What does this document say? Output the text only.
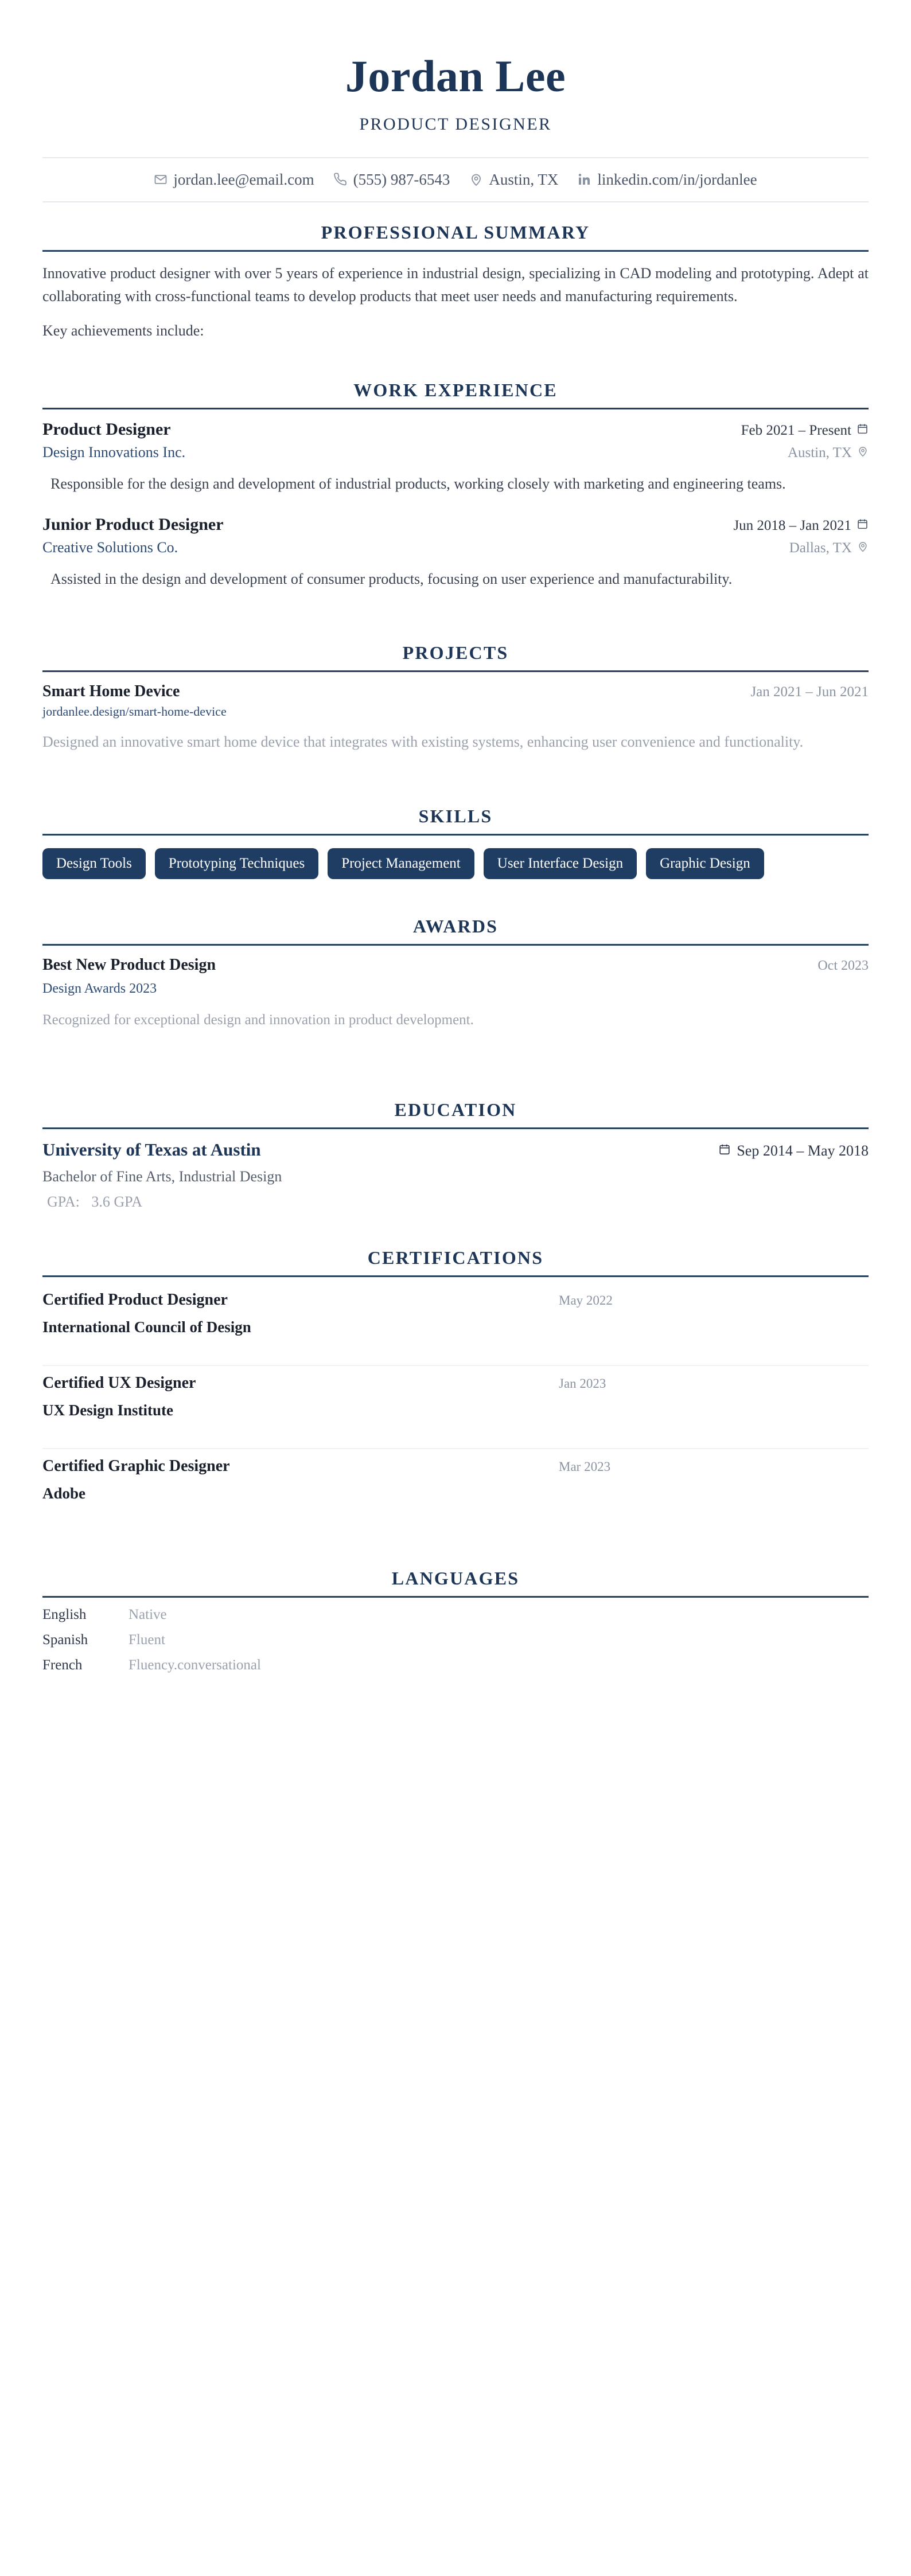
Jordan Lee
PRODUCT DESIGNER
jordan.lee@email.com	(555) 987-6543	Austin, TX	linkedin.com/in/jordanlee
PROFESSIONAL SUMMARY

Innovative product designer with over 5 years of experience in industrial design, specializing in CAD modeling and prototyping. Adept at collaborating with cross-functional teams to develop products that meet user needs and manufacturing requirements.

Key achievements include:

WORK EXPERIENCE
Product Designer	Feb 2021 – Present
Design Innovations Inc.	Austin, TX
Responsible for the design and development of industrial products, working closely with marketing and engineering teams.
Junior Product Designer	Jun 2018 – Jan 2021
Creative Solutions Co.	Dallas, TX
Assisted in the design and development of consumer products, focusing on user experience and manufacturability.
PROJECTS
Smart Home Device	Jan 2021 – Jun 2021
jordanlee.design/smart-home-device
Designed an innovative smart home device that integrates with existing systems, enhancing user convenience and functionality.
SKILLS
Design Tools	Prototyping Techniques	Project Management	User Interface Design	Graphic Design
AWARDS
Best New Product Design	Oct 2023
Design Awards 2023
Recognized for exceptional design and innovation in product development.
EDUCATION
University of Texas at Austin	Sep 2014 – May 2018
Bachelor of Fine Arts, Industrial Design
GPA: 3.6 GPA
CERTIFICATIONS
Certified Product Designer	May 2022
International Council of Design
Certified UX Designer	Jan 2023
UX Design Institute
Certified Graphic Designer	Mar 2023
Adobe
LANGUAGES
English	Native
Spanish	Fluent
French	Fluency.conversational
